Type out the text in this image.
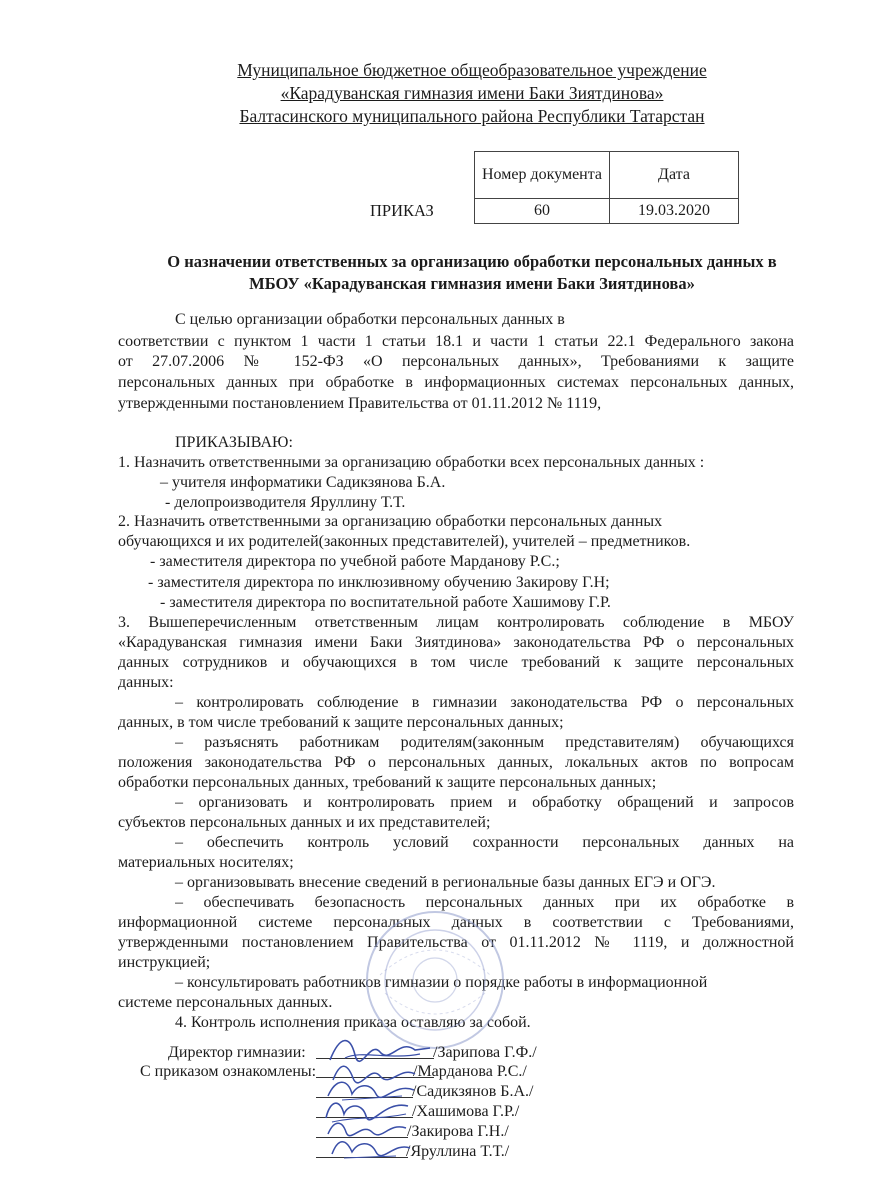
Муниципальное бюджетное общеобразовательное учреждение
«Карадуванская гимназия имени Баки Зиятдинова»
Балтасинского муниципального района Республики Татарстан
ПРИКАЗ
Номер документа	Дата
60	19.03.2020
О назначении ответственных за организацию обработки персональных данных в
МБОУ «Карадуванская гимназия имени Баки Зиятдинова»
С целью организации обработки персональных данных в
соответствии с пунктом 1 части 1 статьи 18.1 и части 1 статьи 22.1 Федерального закона
от 27.07.2006 № 152-ФЗ «О персональных данных», Требованиями к защите
персональных данных при обработке в информационных системах персональных данных,
утвержденными постановлением Правительства от 01.11.2012 № 1119,
ПРИКАЗЫВАЮ:
1. Назначить ответственными за организацию обработки всех персональных данных :
– учителя информатики Садикзянова Б.А.
- делопроизводителя Яруллину Т.Т.
2. Назначить ответственными за организацию обработки персональных данных
обучающихся и их родителей(законных представителей), учителей – предметников.
- заместителя директора по учебной работе Марданову Р.С.;
- заместителя директора по инклюзивному обучению Закирову Г.Н;
- заместителя директора по воспитательной работе Хашимову Г.Р.
3. Вышеперечисленным ответственным лицам контролировать соблюдение в МБОУ
«Карадуванская гимназия имени Баки Зиятдинова» законодательства РФ о персональных
данных сотрудников и обучающихся в том числе требований к защите персональных
данных:
– контролировать соблюдение в гимназии законодательства РФ о персональных
данных, в том числе требований к защите персональных данных;
– разъяснять работникам родителям(законным представителям) обучающихся
положения законодательства РФ о персональных данных, локальных актов по вопросам
обработки персональных данных, требований к защите персональных данных;
– организовать и контролировать прием и обработку обращений и запросов
субъектов персональных данных и их представителей;
– обеспечить контроль условий сохранности персональных данных на
материальных носителях;
– организовывать внесение сведений в региональные базы данных ЕГЭ и ОГЭ.
– обеспечивать безопасность персональных данных при их обработке в
информационной системе персональных данных в соответствии с Требованиями,
утвержденными постановлением Правительства от 01.11.2012 № 1119, и должностной
инструкцией;
– консультировать работников гимназии о порядке работы в информационной
системе персональных данных.
4. Контроль исполнения приказа оставляю за собой.
Директор гимназии:
С приказом ознакомлены:
/Зарипова Г.Ф./
/Марданова Р.С./
/Садикзянов Б.А./
/Хашимова Г.Р./
/Закирова Г.Н./
/Яруллина Т.Т./
